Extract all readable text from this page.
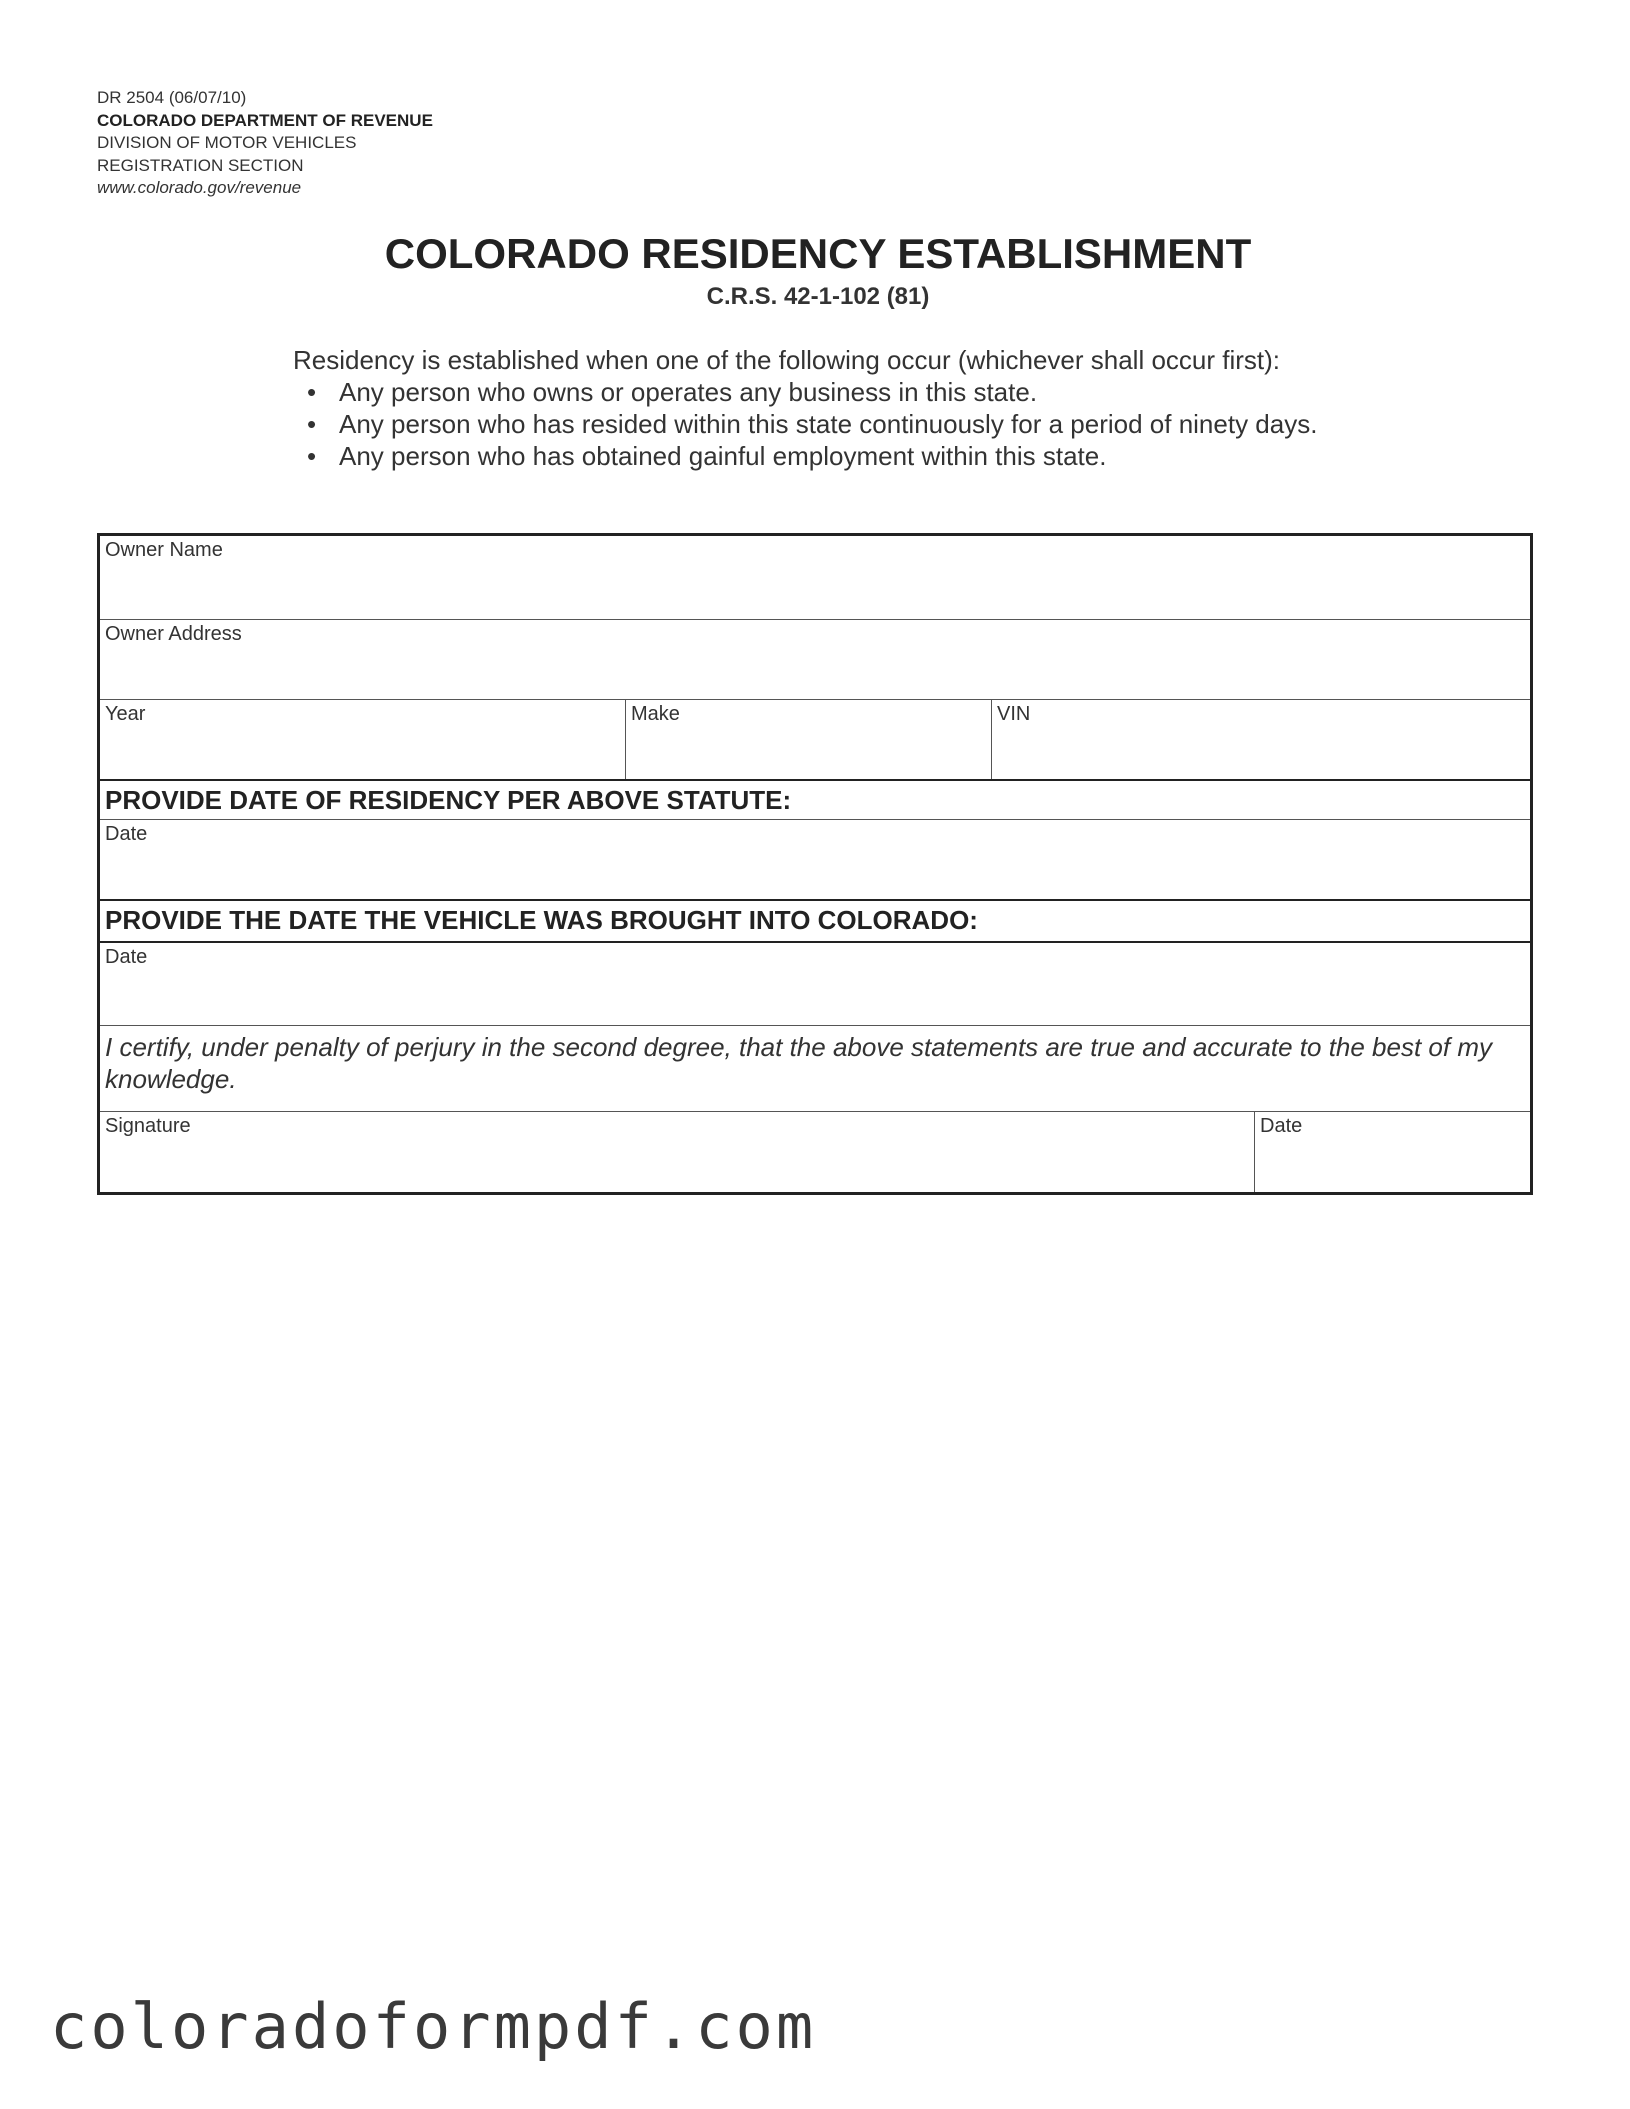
DR 2504 (06/07/10)
COLORADO DEPARTMENT OF REVENUE
DIVISION OF MOTOR VEHICLES
REGISTRATION SECTION
www.colorado.gov/revenue
COLORADO RESIDENCY ESTABLISHMENT
C.R.S. 42-1-102 (81)
Residency is established when one of the following occur (whichever shall occur first):
• Any person who owns or operates any business in this state.
• Any person who has resided within this state continuously for a period of ninety days.
• Any person who has obtained gainful employment within this state.
Owner Name
Owner Address
Year	Make	VIN
PROVIDE DATE OF RESIDENCY PER ABOVE STATUTE:
Date
PROVIDE THE DATE THE VEHICLE WAS BROUGHT INTO COLORADO:
Date
I certify, under penalty of perjury in the second degree, that the above statements are true and accurate to the best of my knowledge.
Signature	Date
coloradoformpdf.com
